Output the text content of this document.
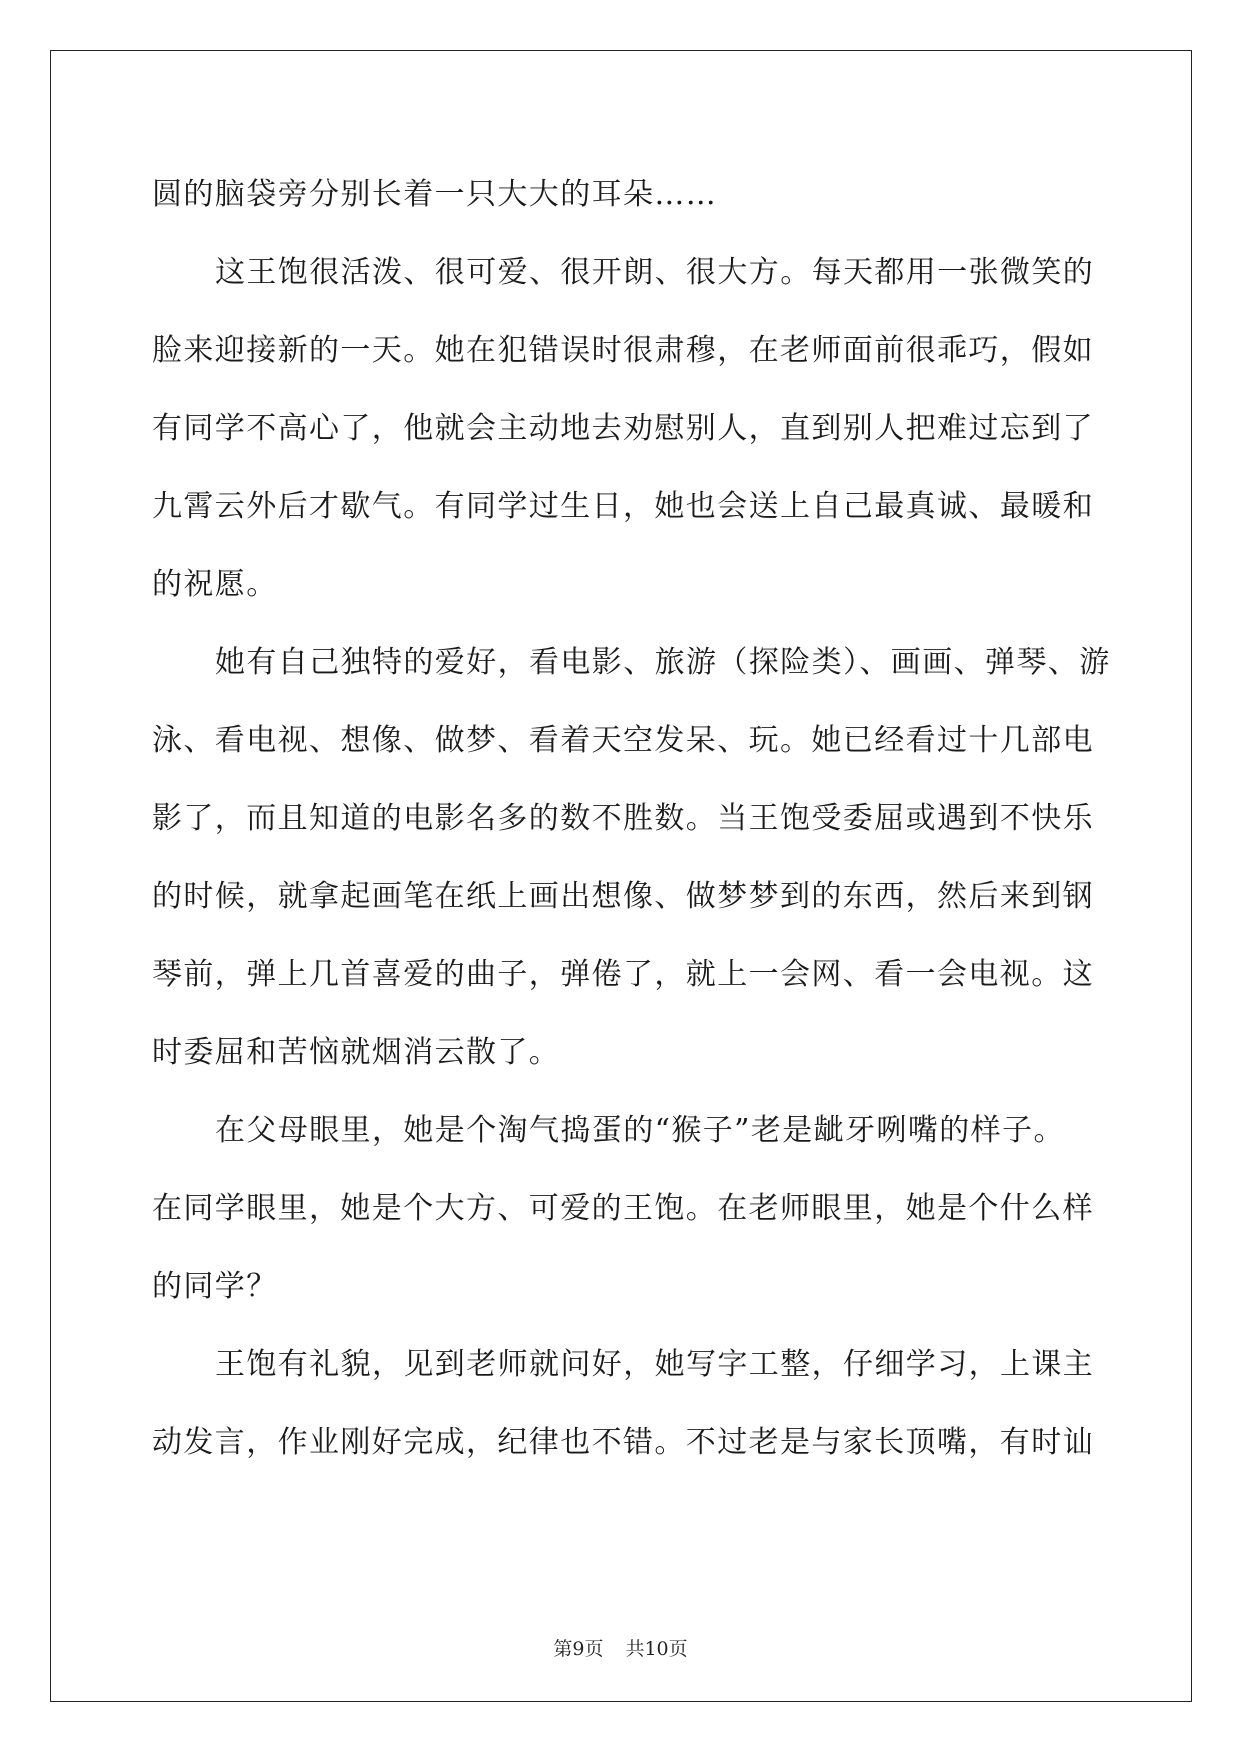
圆的脑袋旁分别长着一只大大的耳朵……
这王饱很活泼、很可爱、很开朗、很大方。每天都用一张微笑的
脸来迎接新的一天。她在犯错误时很肃穆，在老师面前很乖巧，假如
有同学不高心了，他就会主动地去劝慰别人，直到别人把难过忘到了
九霄云外后才歇气。有同学过生日，她也会送上自己最真诚、最暖和
的祝愿。
她有自己独特的爱好，看电影、旅游（探险类）、画画、弹琴、游
泳、看电视、想像、做梦、看着天空发呆、玩。她已经看过十几部电
影了，而且知道的电影名多的数不胜数。当王饱受委屈或遇到不快乐
的时候，就拿起画笔在纸上画出想像、做梦梦到的东西，然后来到钢
琴前，弹上几首喜爱的曲子，弹倦了，就上一会网、看一会电视。这
时委屈和苦恼就烟消云散了。
在父母眼里，她是个淘气捣蛋的“猴子”老是龇牙咧嘴的样子。
在同学眼里，她是个大方、可爱的王饱。在老师眼里，她是个什么样
的同学？
王饱有礼貌，见到老师就问好，她写字工整，仔细学习，上课主
动发言，作业刚好完成，纪律也不错。不过老是与家长顶嘴，有时讪
第9页 共10页
